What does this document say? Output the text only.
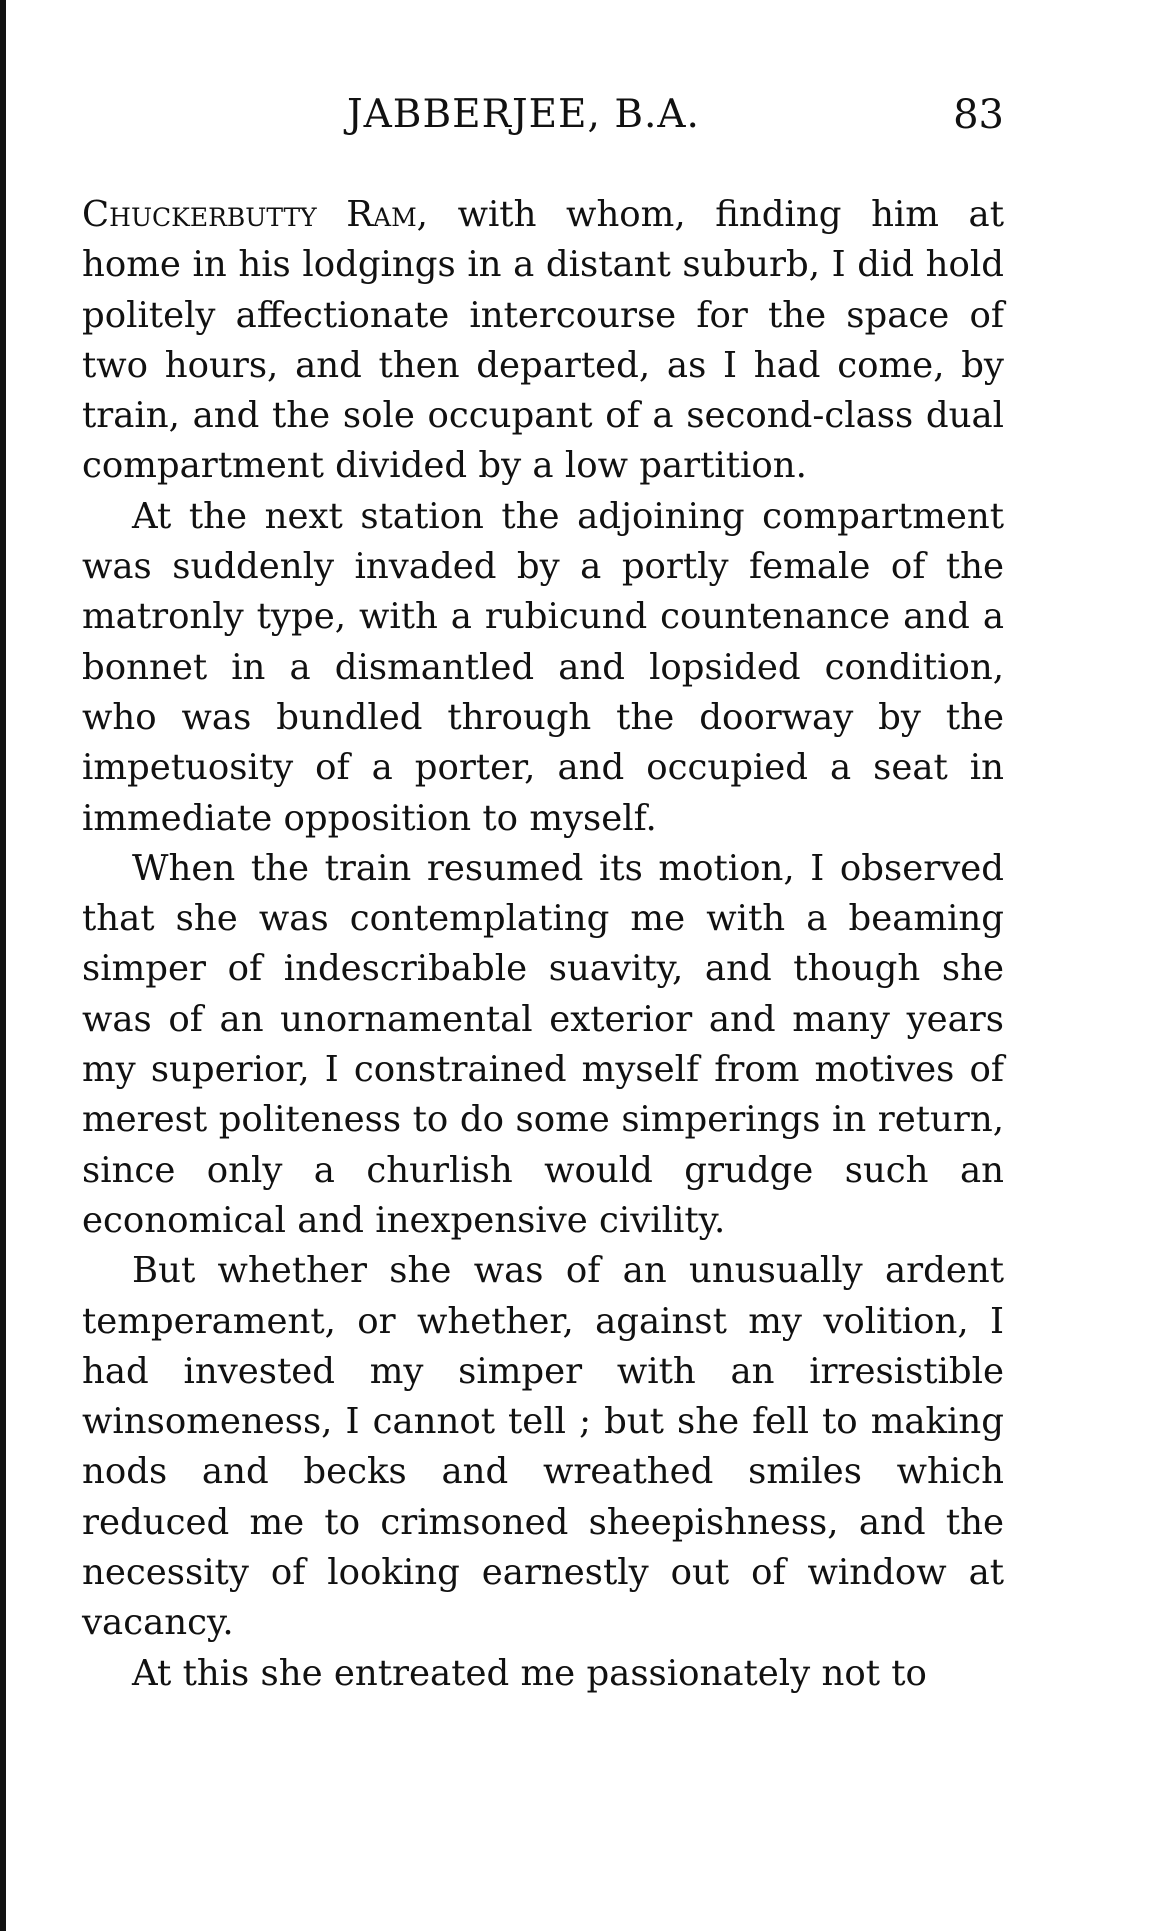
JABBERJEE, B.A.	83

Chuckerbutty Ram, with whom, finding him at home in his lodgings in a distant suburb, I did hold politely affectionate intercourse for the space of two hours, and then departed, as I had come, by train, and the sole occupant of a second-class dual compartment divided by a low partition.

At the next station the adjoining compartment was suddenly invaded by a portly female of the matronly type, with a rubicund countenance and a bonnet in a dismantled and lopsided condition, who was bundled through the doorway by the impetuosity of a porter, and occupied a seat in immediate opposition to myself.

When the train resumed its motion, I observed that she was contemplating me with a beaming simper of indescribable suavity, and though she was of an unornamental exterior and many years my superior, I constrained myself from motives of merest politeness to do some simperings in return, since only a churlish would grudge such an economical and inexpensive civility.

But whether she was of an unusually ardent temperament, or whether, against my volition, I had invested my simper with an irresistible winsomeness, I cannot tell ; but she fell to making nods and becks and wreathed smiles which reduced me to crimsoned sheepishness, and the necessity of looking earnestly out of window at vacancy.

At this she entreated me passionately not to
